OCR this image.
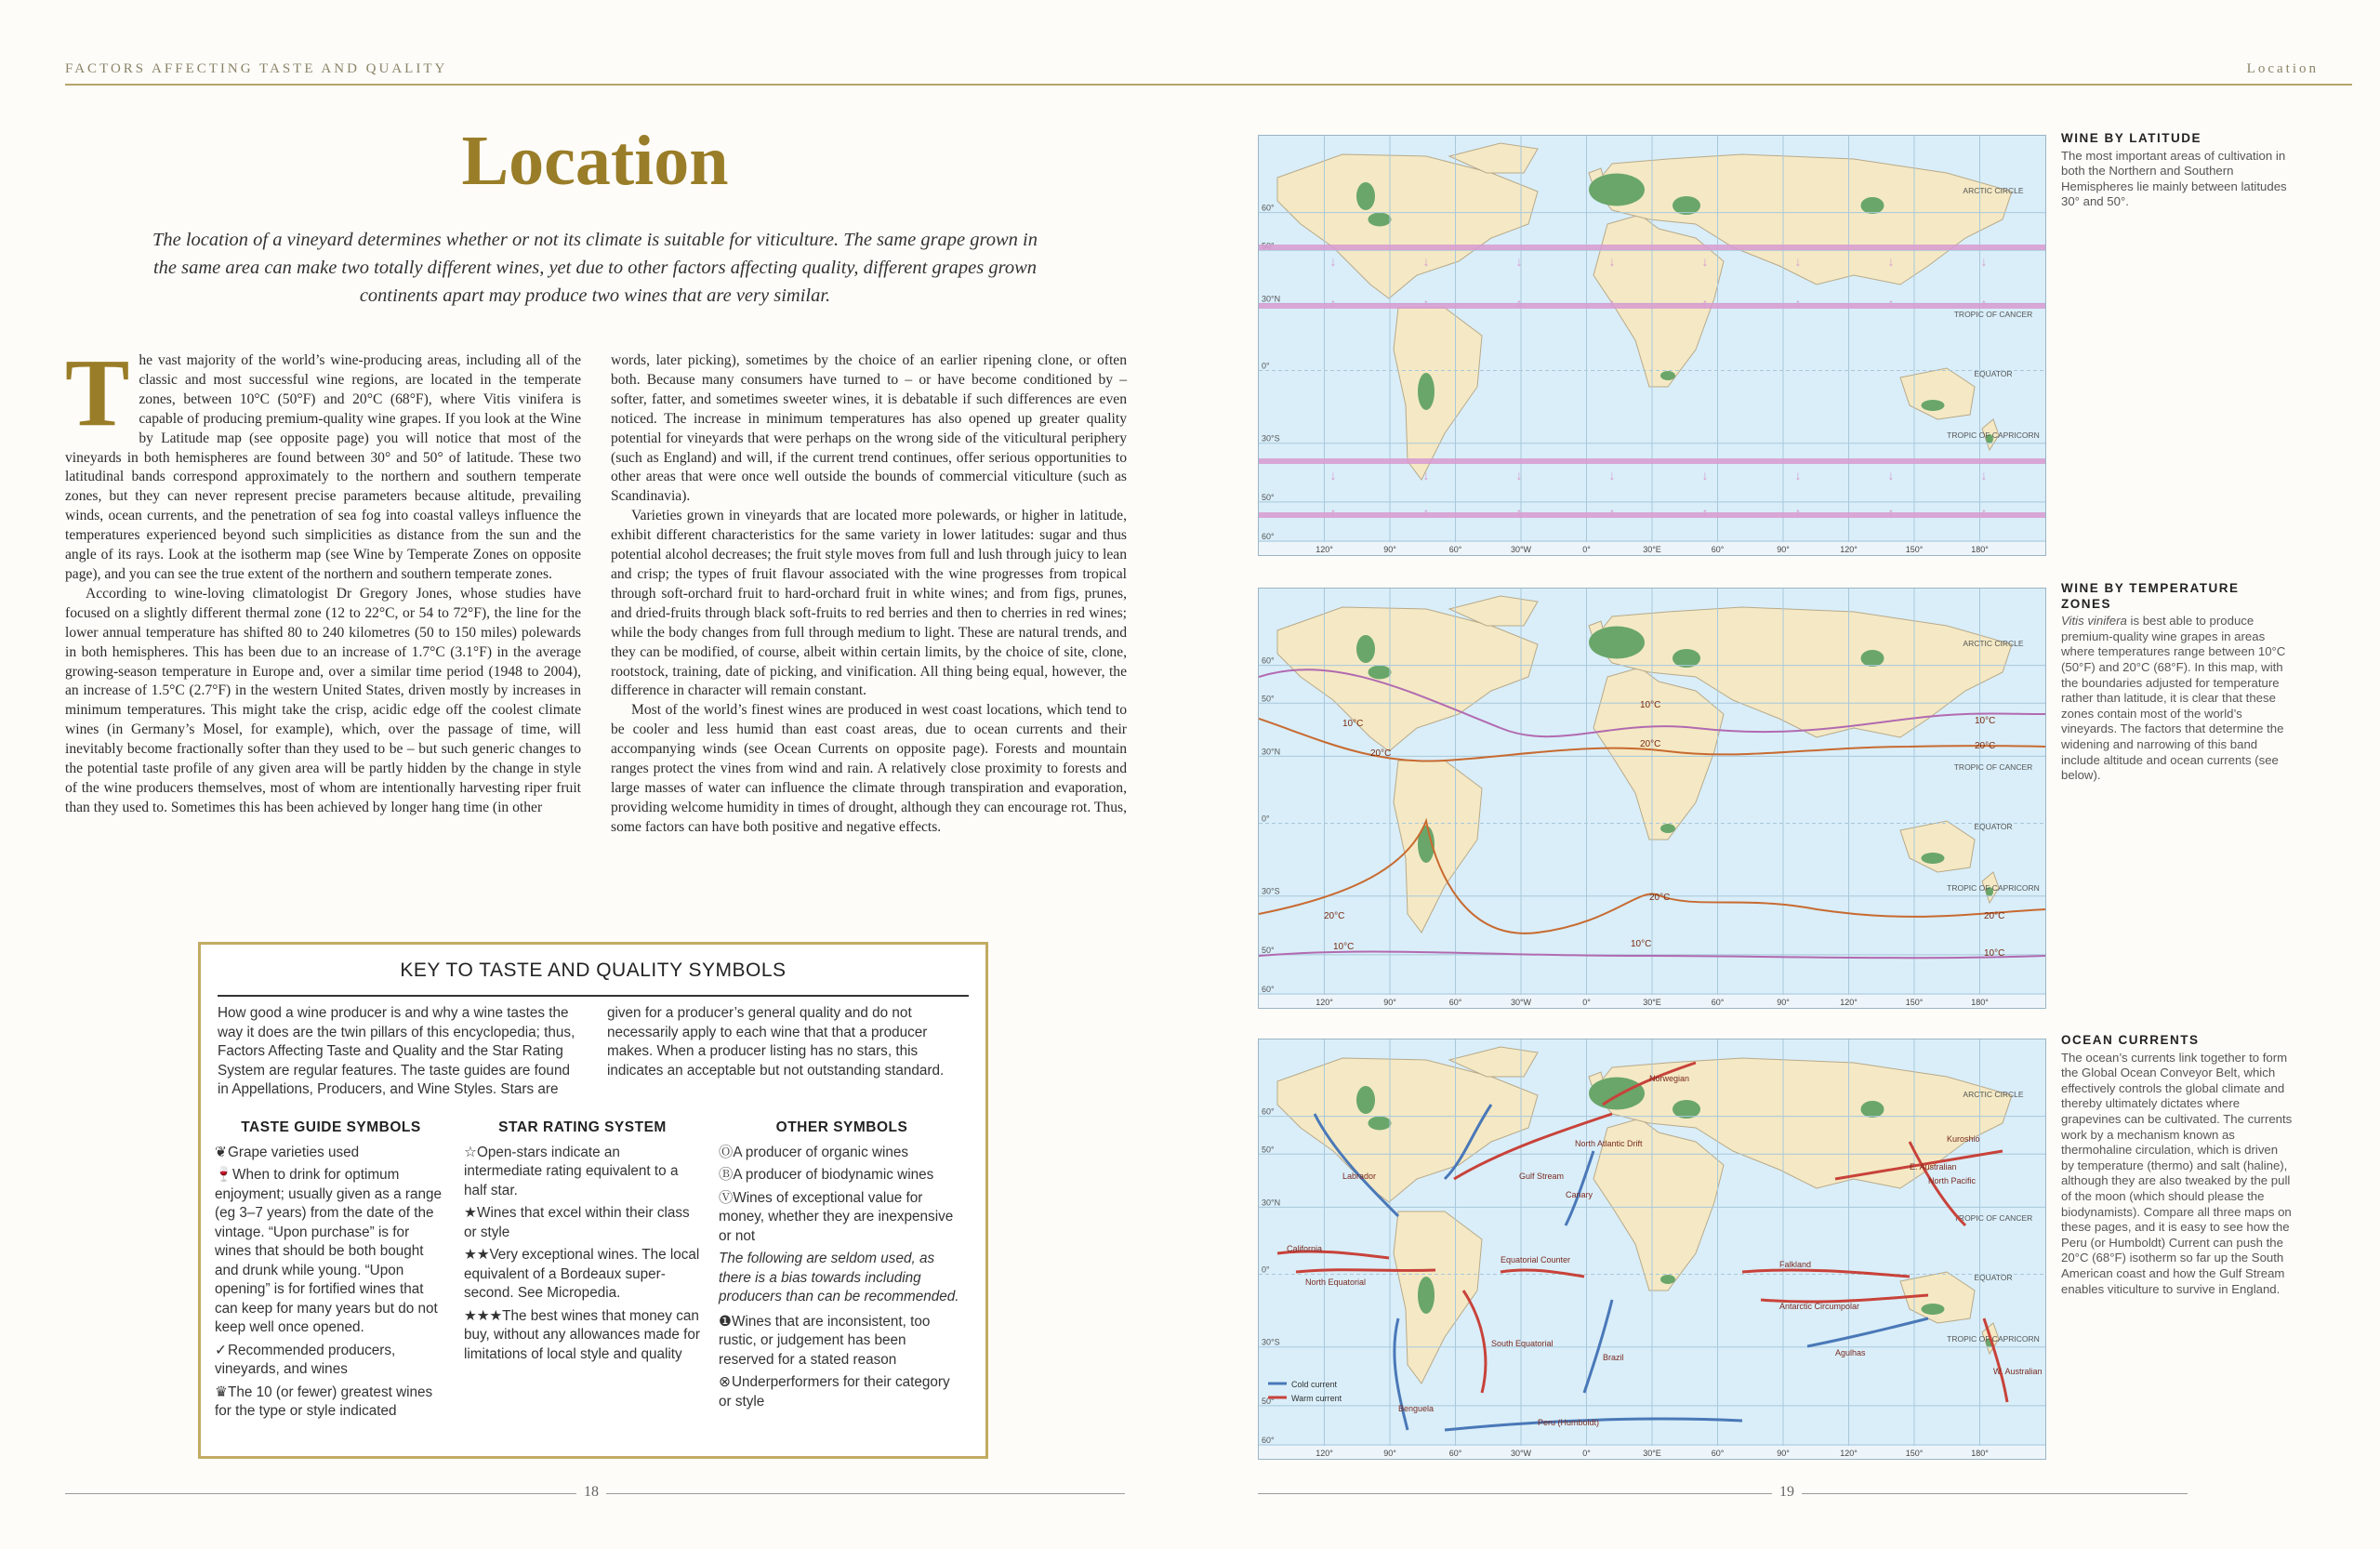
FACTORS AFFECTING TASTE AND QUALITY	Location
Location
The location of a vineyard determines whether or not its climate is suitable for viticulture. The same grape grown in the same area can make two totally different wines, yet due to other factors affecting quality, different grapes grown continents apart may produce two wines that are very similar.

The vast majority of the world’s wine-producing areas, including all of the classic and most successful wine regions, are located in the temperate zones, between 10°C (50°F) and 20°C (68°F), where Vitis vinifera is capable of producing premium-quality wine grapes. If you look at the Wine by Latitude map (see opposite page) you will notice that most of the vineyards in both hemispheres are found between 30° and 50° of latitude. These two latitudinal bands correspond approximately to the northern and southern temperate zones, but they can never represent precise parameters because altitude, prevailing winds, ocean currents, and the penetration of sea fog into coastal valleys influence the temperatures experienced beyond such simplicities as distance from the sun and the angle of its rays. Look at the isotherm map (see Wine by Temperate Zones on opposite page), and you can see the true extent of the northern and southern temperate zones.

According to wine-loving climatologist Dr Gregory Jones, whose studies have focused on a slightly different thermal zone (12 to 22°C, or 54 to 72°F), the line for the lower annual temperature has shifted 80 to 240 kilometres (50 to 150 miles) polewards in both hemispheres. This has been due to an increase of 1.7°C (3.1°F) in the average growing-season temperature in Europe and, over a similar time period (1948 to 2004), an increase of 1.5°C (2.7°F) in the western United States, driven mostly by increases in minimum temperatures. This might take the crisp, acidic edge off the coolest climate wines (in Germany’s Mosel, for example), which, over the passage of time, will inevitably become fractionally softer than they used to be – but such generic changes to the potential taste profile of any given area will be partly hidden by the change in style of the wine producers themselves, most of whom are intentionally harvesting riper fruit than they used to. Sometimes this has been achieved by longer hang time (in other

words, later picking), sometimes by the choice of an earlier ripening clone, or often both. Because many consumers have turned to – or have become conditioned by – softer, fatter, and sometimes sweeter wines, it is debatable if such differences are even noticed. The increase in minimum temperatures has also opened up greater quality potential for vineyards that were perhaps on the wrong side of the viticultural periphery (such as England) and will, if the current trend continues, offer serious opportunities to other areas that were once well outside the bounds of commercial viticulture (such as Scandinavia).

Varieties grown in vineyards that are located more polewards, or higher in latitude, exhibit different characteristics for the same variety in lower latitudes: sugar and thus potential alcohol decreases; the fruit style moves from full and lush through juicy to lean and crisp; the types of fruit flavour associated with the wine progresses from tropical through soft-orchard fruit to hard-orchard fruit in white wines; and from figs, prunes, and dried-fruits through black soft-fruits to red berries and then to cherries in red wines; while the body changes from full through medium to light. These are natural trends, and they can be modified, of course, albeit within certain limits, by the choice of site, clone, rootstock, training, date of picking, and vinification. All thing being equal, however, the difference in character will remain constant.

Most of the world’s finest wines are produced in west coast locations, which tend to be cooler and less humid than east coast areas, due to ocean currents and their accompanying winds (see Ocean Currents on opposite page). Forests and mountain ranges protect the vines from wind and rain. A relatively close proximity to forests and large masses of water can influence the climate through transpiration and evaporation, providing welcome humidity in times of drought, although they can encourage rot. Thus, some factors can have both positive and negative effects.

KEY TO TASTE AND QUALITY SYMBOLS
How good a wine producer is and why a wine tastes the way it does are the twin pillars of this encyclopedia; thus, Factors Affecting Taste and Quality and the Star Rating System are regular features. The taste guides are found in Appellations, Producers, and Wine Styles. Stars are given for a producer’s general quality and do not necessarily apply to each wine that that a producer makes. When a producer listing has no stars, this indicates an acceptable but not outstanding standard.
TASTE GUIDE SYMBOLS
❦Grape varieties used
🍷When to drink for optimum enjoyment; usually given as a range (eg 3–7 years) from the date of the vintage. “Upon purchase” is for wines that should be both bought and drunk while young. “Upon opening” is for fortified wines that can keep for many years but do not keep well once opened.
✓Recommended producers, vineyards, and wines
♛The 10 (or fewer) greatest wines for the type or style indicated
STAR RATING SYSTEM
☆Open-stars indicate an intermediate rating equivalent to a half star.
★Wines that excel within their class or style
★★Very exceptional wines. The local equivalent of a Bordeaux super-second. See Micropedia.
★★★The best wines that money can buy, without any allowances made for limitations of local style and quality
OTHER SYMBOLS
ⓄA producer of organic wines
ⒷA producer of biodynamic wines
ⓋWines of exceptional value for money, whether they are inexpensive or not
The following are seldom used, as there is a bias towards including producers than can be recommended.
❶Wines that are inconsistent, too rustic, or judgement has been reserved for a stated reason
⊗Underperformers for their category or style
18	19
60°
30°N
0°
30°S
50°
60°
120°	90°	60°	30°W	0°	30°E	60°	90°	120°	150°	180°
ARCTIC CIRCLE
TROPIC OF CANCER
EQUATOR
TROPIC OF CAPRICORN
↓
↑
↓
↑
↓
↑
↓
↑
↓
↑
↓
↑
↓
↑
↓
↑
↓
↑
↓
↑
↓
↑
↓
↑
↓
↑
↓
↑
↓
↑
↓
↑
60°
50°
30°N
0°
30°S
50°
60°
120°	90°	60°	30°W	0°	30°E	60°	90°	120°	150°	180°
ARCTIC CIRCLE
TROPIC OF CANCER
EQUATOR
TROPIC OF CAPRICORN
10°C
20°C
10°C
20°C
10°C
20°C
20°C
10°C	10°C
20°C
20°C
10°C
60°
50°
30°N
0°
30°S
50°
60°
120°	90°	60°	30°W	0°	30°E	60°	90°	120°	150°	180°
ARCTIC CIRCLE
TROPIC OF CANCER
EQUATOR
TROPIC OF CAPRICORN
Labrador	Gulf Stream
North Atlantic Drift
Norwegian
Canary
California
North Equatorial
Equatorial Counter
South Equatorial
Brazil
Benguela
Peru (Humboldt)
Falkland
Antarctic Circumpolar
Agulhas
W. Australian
E. Australian
North Pacific
Kuroshio
Cold current
Warm current
WINE BY LATITUDE
The most important areas of cultivation in both the Northern and Southern Hemispheres lie mainly between latitudes 30° and 50°.
WINE BY TEMPERATURE ZONES
Vitis vinifera is best able to produce premium-quality wine grapes in areas where temperatures range between 10°C (50°F) and 20°C (68°F). In this map, with the boundaries adjusted for temperature rather than latitude, it is clear that these zones contain most of the world’s vineyards. The factors that determine the widening and narrowing of this band include altitude and ocean currents (see below).
OCEAN CURRENTS
The ocean’s currents link together to form the Global Ocean Conveyor Belt, which effectively controls the global climate and thereby ultimately dictates where grapevines can be cultivated. The currents work by a mechanism known as thermohaline circulation, which is driven by temperature (thermo) and salt (haline), although they are also tweaked by the pull of the moon (which should please the biodynamists). Compare all three maps on these pages, and it is easy to see how the Peru (or Humboldt) Current can push the 20°C (68°F) isotherm so far up the South American coast and how the Gulf Stream enables viticulture to survive in England.
